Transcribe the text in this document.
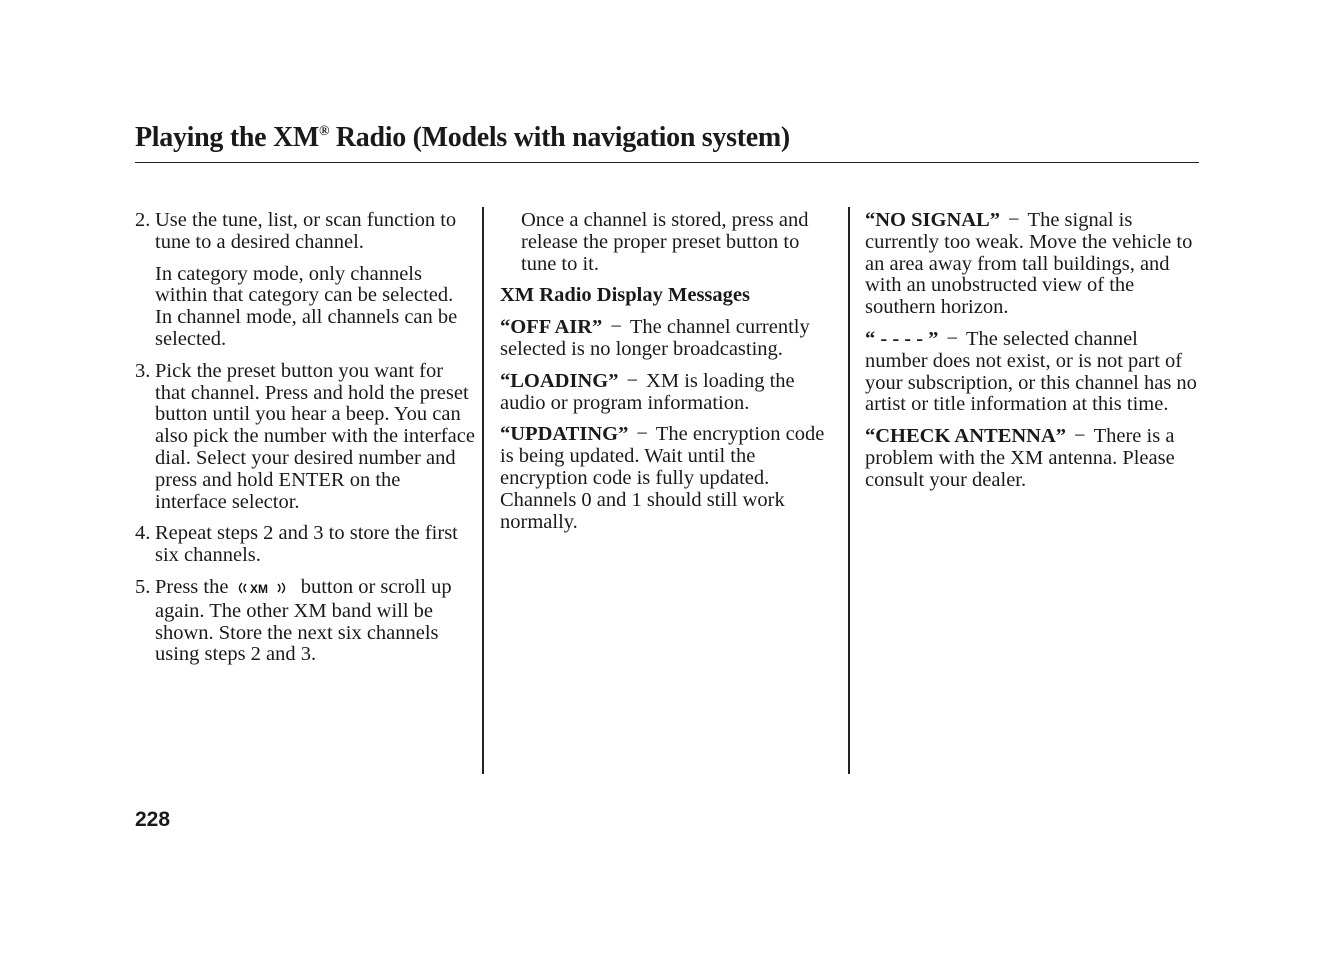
Playing the XM® Radio (Models with navigation system)
2. Use the tune, list, or scan function to tune to a desired channel.

In category mode, only channels within that category can be selected. In channel mode, all channels can be selected.

3. Pick the preset button you want for that channel. Press and hold the preset button until you hear a beep. You can also pick the number with the interface dial. Select your desired number and press and hold ENTER on the interface selector.
4. Repeat steps 2 and 3 to store the first six channels.
5. Press the XM button or scroll up again. The other XM band will be shown. Store the next six channels using steps 2 and 3.

Once a channel is stored, press and release the proper preset button to tune to it.

XM Radio Display Messages

“OFF AIR” − The channel currently selected is no longer broadcasting.

“LOADING” − XM is loading the audio or program information.

“UPDATING” − The encryption code is being updated. Wait until the encryption code is fully updated. Channels 0 and 1 should still work normally.

“NO SIGNAL” − The signal is currently too weak. Move the vehicle to an area away from tall buildings, and with an unobstructed view of the southern horizon.

“ - - - - ” − The selected channel number does not exist, or is not part of your subscription, or this channel has no artist or title information at this time.

“CHECK ANTENNA” − There is a problem with the XM antenna. Please consult your dealer.

228
